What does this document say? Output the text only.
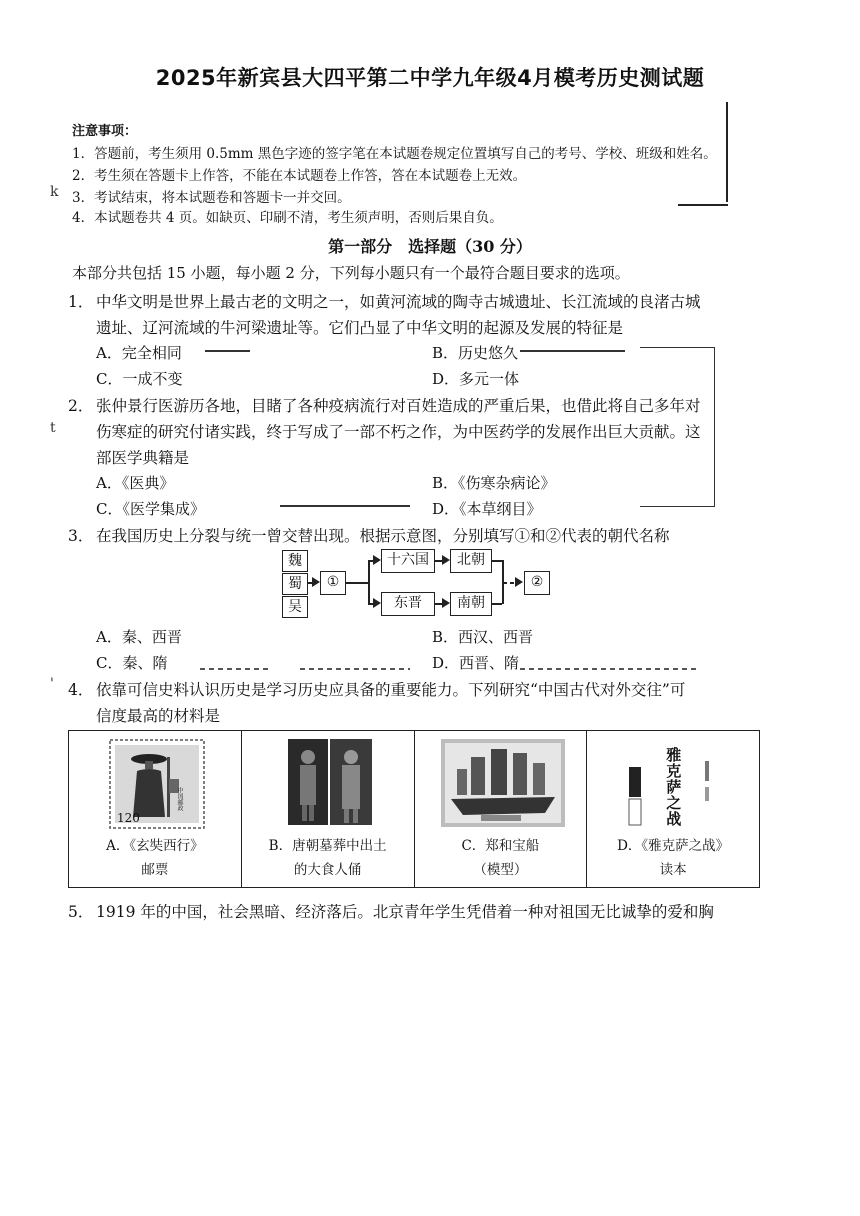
2025年新宾县大四平第二中学九年级4月模考历史测试题
注意事项：
1．答题前，考生须用 0.5mm 黑色字迹的签字笔在本试题卷规定位置填写自己的考号、学校、班级和姓名。
2．考生须在答题卡上作答，不能在本试题卷上作答，答在本试题卷上无效。
3．考试结束，将本试题卷和答题卡一并交回。
4．本试题卷共 4 页。如缺页、印刷不清，考生须声明，否则后果自负。
k
第一部分　选择题（30 分）
本部分共包括 15 小题，每小题 2 分，下列每小题只有一个最符合题目要求的选项。
1． 中华文明是世界上最古老的文明之一，如黄河流域的陶寺古城遗址、长江流域的良渚古城
遗址、辽河流域的牛河梁遗址等。它们凸显了中华文明的起源及发展的特征是
A．完全相同	B．历史悠久
C．一成不变	D．多元一体
2． 张仲景行医游历各地，目睹了各种疫病流行对百姓造成的严重后果，也借此将自己多年对
伤寒症的研究付诸实践，终于写成了一部不朽之作，为中医药学的发展作出巨大贡献。这
部医学典籍是
t
A．《医典》	B．《伤寒杂病论》
C．《医学集成》	D．《本草纲目》
3． 在我国历史上分裂与统一曾交替出现。根据示意图，分别填写①和②代表的朝代名称
魏
蜀
吴
①
十六国
东晋
北朝
南朝
②
A．秦、西晋	B．西汉、西晋
C．秦、隋	D．西晋、隋
' 4． 依靠可信史料认识历史是学习历史应具备的重要能力。下列研究“中国古代对外交往”可
信度最高的材料是
120
中国邮政
A．《玄奘西行》
邮票
B．唐朝墓葬中出土
的大食人俑
C．郑和宝船
（模型）
雅克萨之战
D．《雅克萨之战》
读本
5． 1919 年的中国，社会黑暗、经济落后。北京青年学生凭借着一种对祖国无比诚挚的爱和胸
